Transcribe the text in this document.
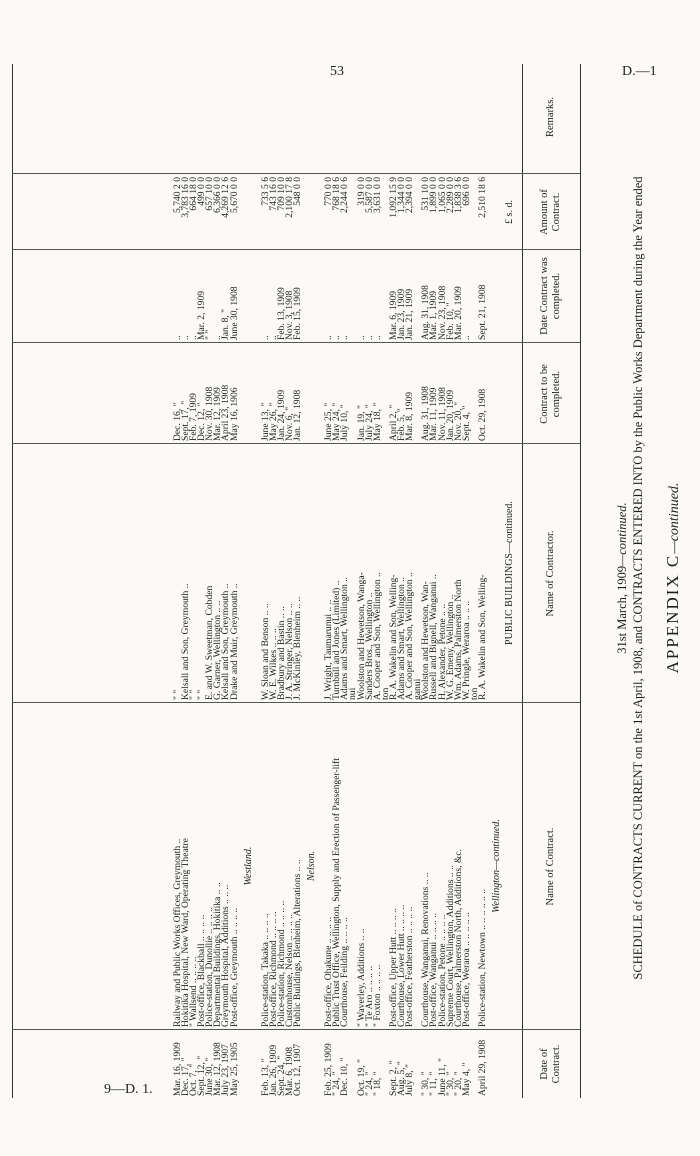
53	D.—1
9—D. 1.
APPENDIX C—continued.
SCHEDULE of CONTRACTS CURRENT on the 1st April, 1908, and CONTRACTS ENTERED INTO by the Public Works Department during the Year ended
31st March, 1909—continued.
Date of Contract.
Name of Contract.
Name of Contractor.
Contract to be completed.
Date Contract was completed.
Amount of Contract.
Remarks.
PUBLIC BUILDINGS—continued.
£ s. d.
Wellington—continued.
April 29, 1908
Police-station, Newtown .. .. .. .. .. ..
R. A. Wakelin and Son, Welling-
Oct. 29, 1908
Sept. 21, 1908
2,510 18 6
ton
May 4, "
Post-office, Weraroa .. .. .. .. ..
W. Pringle, Weraroa .. .. ..
Sept. 4, "
..
696 0 0
" 20, "
Courthouse, Palmerston North, Additions, &c.
Wm. Adams, Palmerston North
Nov. 20, "
Mar. 20, 1909
1,838 3 6
" 30, "
Supreme Court, Wellington, Additions .. ..
W. G. Emeny, Wellington ..
Jan. 20, 1909
Feb. 10, "
2,289 0 0
June 11, "
Police-station, Petone .. .. .. ..
H. Alexander, Petone .. ..
Nov. 11, 1908
Nov. 23, 1908
1,065 0 0
" 11, "
Post-office, Wanganui .. .. .. ..
Russell and Bignell, Wanganui ..
Mar. 11, 1909
Mar. 1, 1909
1,899 0 0
" 30, "
Courthouse, Wanganui, Renovations .. ..
Woolston and Hewetson, Wan-
Aug. 31, 1908
Aug. 31, 1908
531 10 0
ganui
July 8, "
Post-office, Featherston .. .. .. ..
A. Cooper and Son, Wellington ..
Mar. 8, 1909
Jan. 21, 1909
2,394 0 0
Aug. 5, "
Courthouse, Lower Hutt .. .. .. ..
Adams and Smart, Wellington ..
Feb. 5, "
Jan. 23, 1909
1,344 0 0
Sept. 2, "
Post-office, Upper Hutt .. .. .. ..
R. A. Wakelin and Son, Welling-
April 2, "
Mar. 6, 1909
1,092 15 9
ton
" 18, "
" Foxton .. .. .. ..
A. Cooper and Son, Wellington ..
May 18, "
..
3,631 0 0
" 24, "
" Te Aro .. .. .. ..
Sanders Bros., Wellington ..
July 24, "
..
5,587 0 0
Oct. 19, "
" Waverley, Additions .. ..
Woolston and Hewetson, Wanga-
Jan. 19, "
..
319 0 0
nui
Dec. 10, "
Courthouse, Feilding .. .. .. ..
Adams and Smart, Wellington ..
July 10, "
..
2,244 0 6
" 24, "
Public Trust Office, Wellington, Supply and Erection of Passenger-lift
Turnbull and Jones (Limited) ..
May 24, "
..
768 18 6
Feb. 25, 1909
Post-office, Ohakune .. .. .. ..
J. Wright, Taumarunui .. ..
June 25, "
..
770 0 0
Nelson.
Oct. 12, 1907
Public Buildings, Blenheim, Alterations .. ..
J. McKinley, Blenheim .. ..
Jan. 12, 1908
Feb. 15, 1909
548 0 0
Mar. 6, 1908
Customhouse, Nelson .. .. .. ..
J. A. Stringer, Nelson .. ..
Nov. 6, "
Nov. 3, 1908
2,100 17 8
Sept. 24, "
Police-station, Richmond .. .. .. ..
Bradbury and Bastin .. ..
Jan. 24, 1909
Feb. 13, 1909
709 10 0
Jan. 26, 1909
Post-office, Richmond .. .. .. ..
W. E. Wilkes .. .. ..
May 26, "
..
743 16 0
Feb. 13, "
Police-station, Takaka .. .. .. ..
W. Sloan and Benson .. ..
June 13, "
..
733 5 6
Westland.
May 25, 1905
Post-office, Greymouth .. .. .. ..
Drake and Muir, Greymouth ..
May 16, 1906
June 30, 1908
5,670 0 0
July 23, 1907
Greymouth Hospital, Additions .. .. ..
Kelsall and Son, Greymouth ..
April 23, 1908
Jan. 8, "
4,269 12 6
Mar. 12, 1908
Departmental Buildings, Hokitika .. ..
G. Garner, Wellington .. ..
Mar. 12, 1909
..
6,366 0 0
June 30, "
Police-station, Dunollie .. .. .. ..
E. and W. Sweetman, Cobden
Nov. 30, 1908
" "
657 10 0
Sept. 12, "
Post-office, Blackball .. .. .. ..
" "
Dec. 12, "
Mar. 2, 1909
499 0 0
Oct. 7, "
" Wallsend .. .. .. ..
" "
Feb. 7, 1909
..
664 18 0
Dec. 17, "
Hokitika Hospital, New Ward, Operating Theatre
Kelsall and Son, Greymouth ..
Sept. 17, "
..
3,783 16 0
Mar. 16, 1909
Railway and Public Works Offices, Greymouth ..
" "
Dec. 16, "
..
5,740 2 0
